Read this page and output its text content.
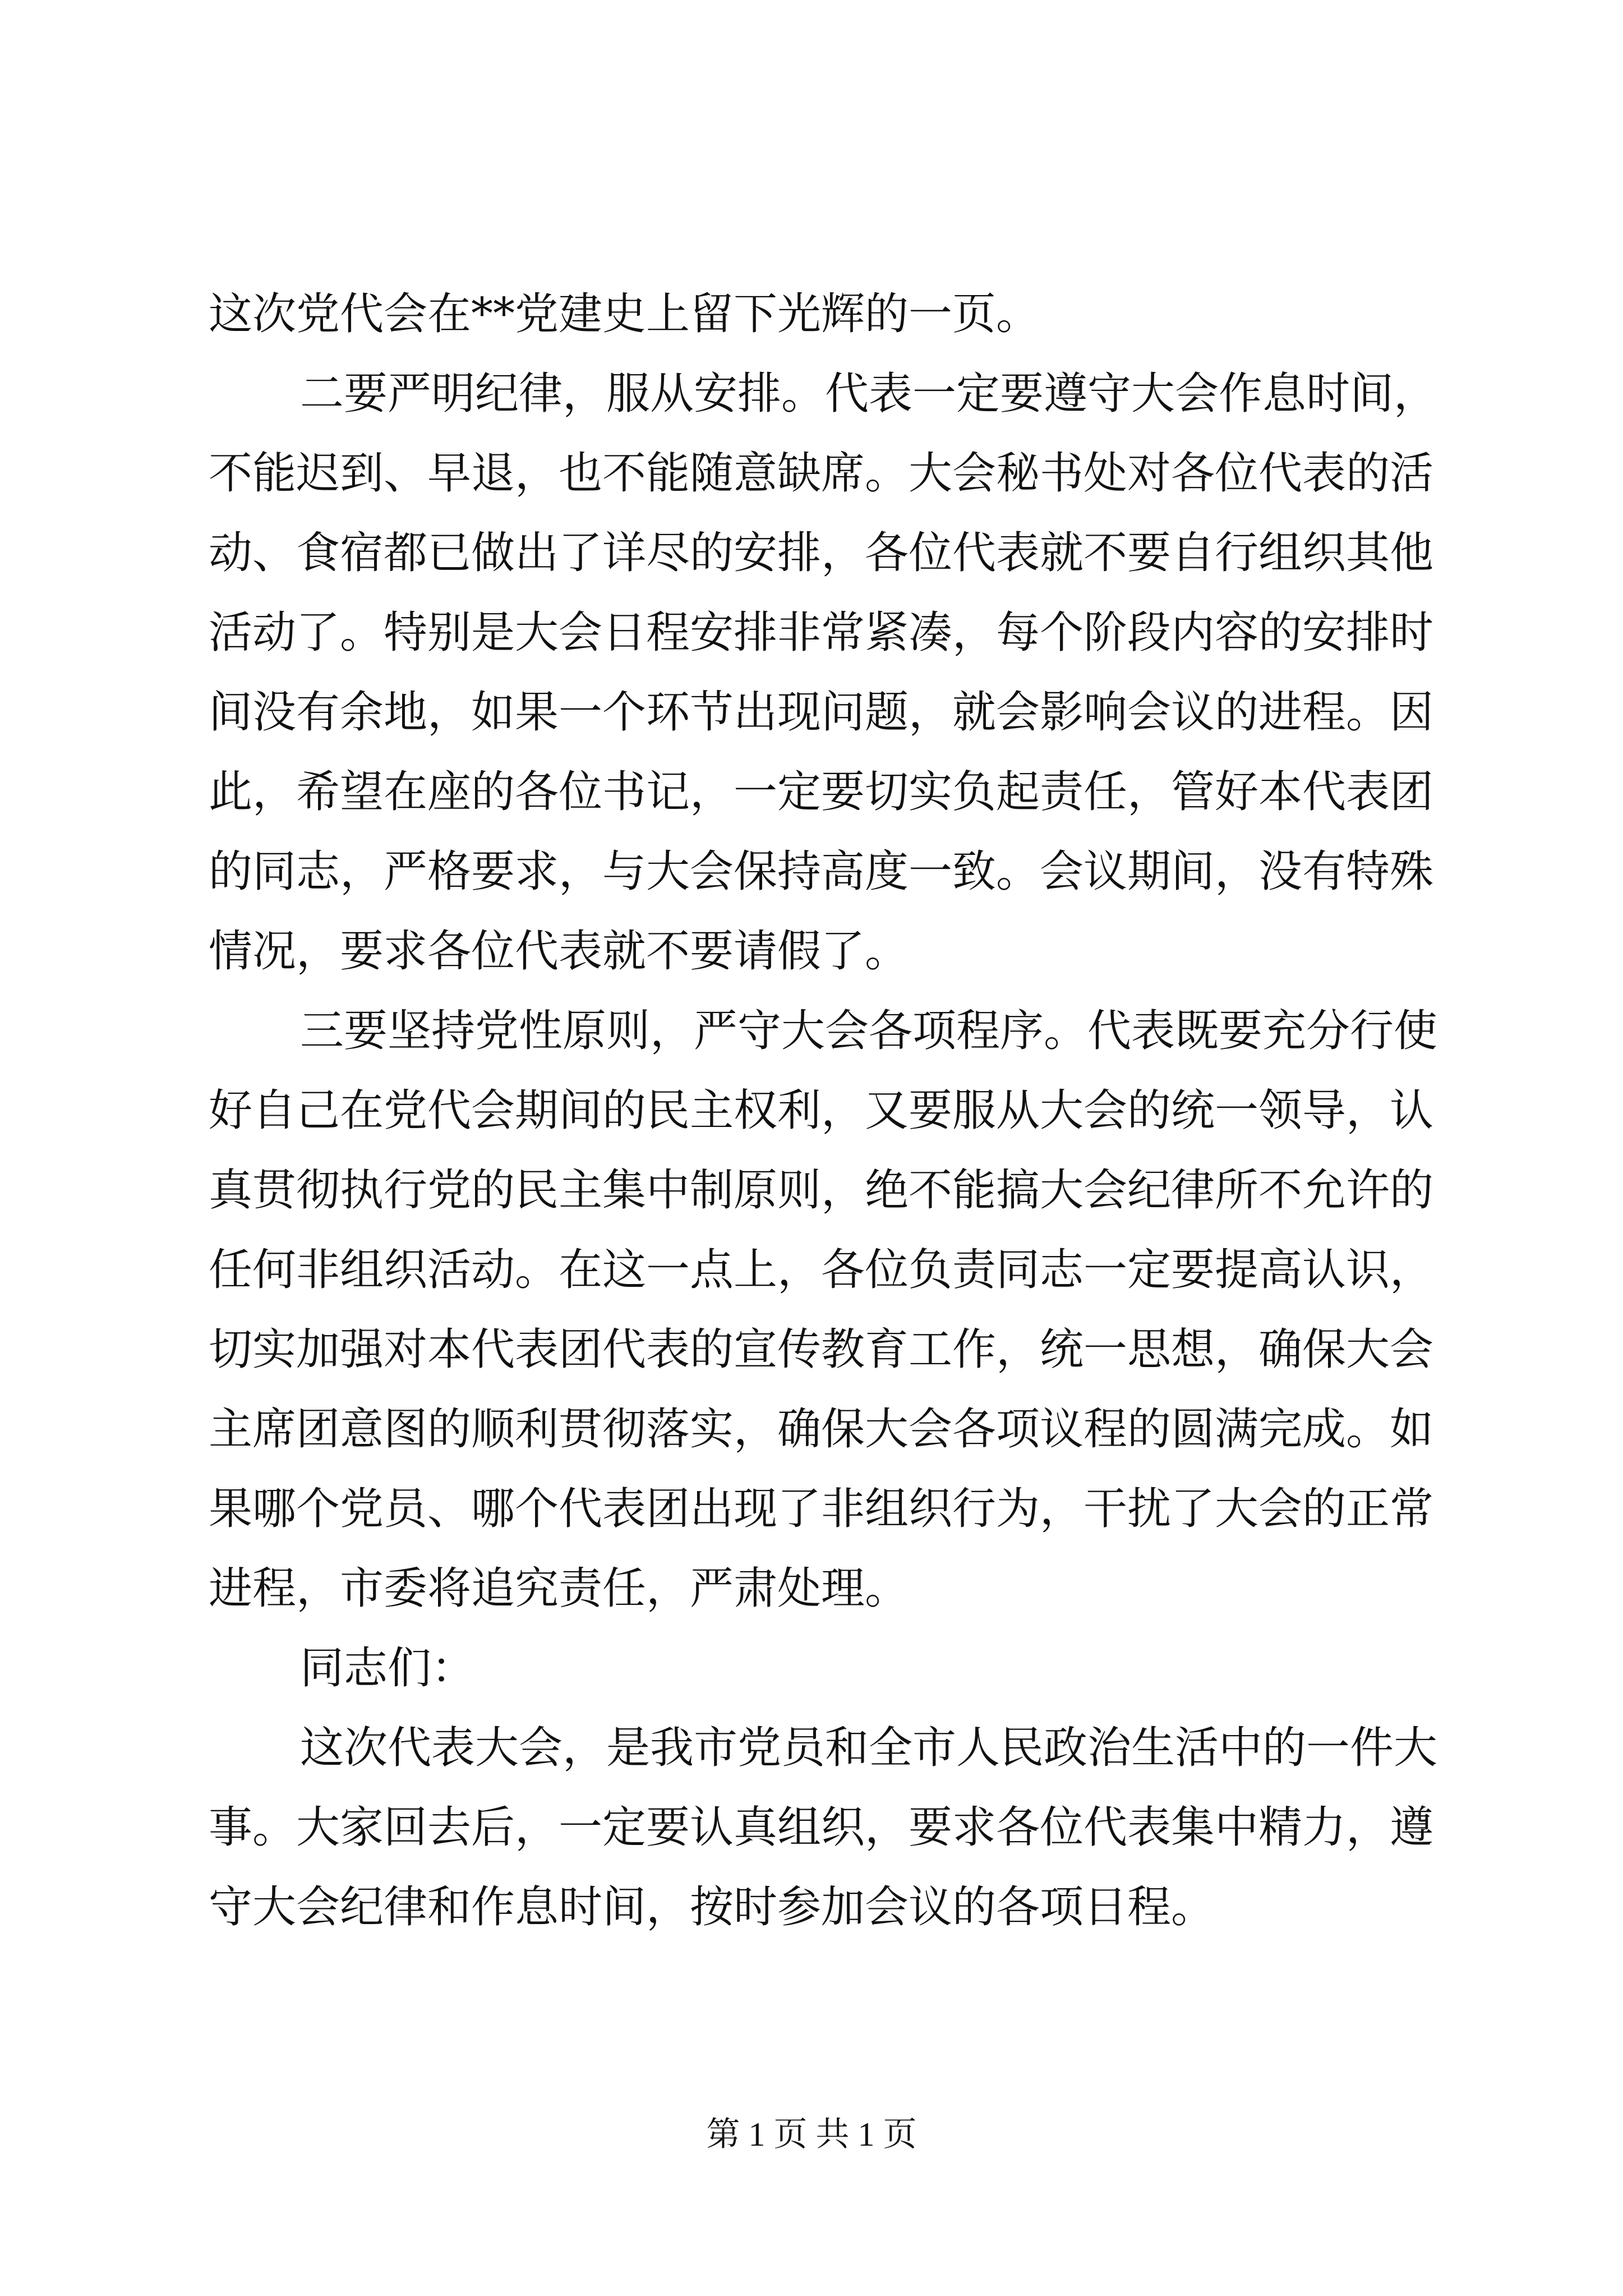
这次党代会在**党建史上留下光辉的一页。
二要严明纪律，服从安排。代表一定要遵守大会作息时间，
不能迟到、早退，也不能随意缺席。大会秘书处对各位代表的活
动、食宿都已做出了详尽的安排，各位代表就不要自行组织其他
活动了。特别是大会日程安排非常紧凑，每个阶段内容的安排时
间没有余地，如果一个环节出现问题，就会影响会议的进程。因
此，希望在座的各位书记，一定要切实负起责任，管好本代表团
的同志，严格要求，与大会保持高度一致。会议期间，没有特殊
情况，要求各位代表就不要请假了。
三要坚持党性原则，严守大会各项程序。代表既要充分行使
好自己在党代会期间的民主权利，又要服从大会的统一领导，认
真贯彻执行党的民主集中制原则，绝不能搞大会纪律所不允许的
任何非组织活动。在这一点上，各位负责同志一定要提高认识，
切实加强对本代表团代表的宣传教育工作，统一思想，确保大会
主席团意图的顺利贯彻落实，确保大会各项议程的圆满完成。如
果哪个党员、哪个代表团出现了非组织行为，干扰了大会的正常
进程，市委将追究责任，严肃处理。
同志们：
这次代表大会，是我市党员和全市人民政治生活中的一件大
事。大家回去后，一定要认真组织，要求各位代表集中精力，遵
守大会纪律和作息时间，按时参加会议的各项日程。
第 1 页 共 1 页
